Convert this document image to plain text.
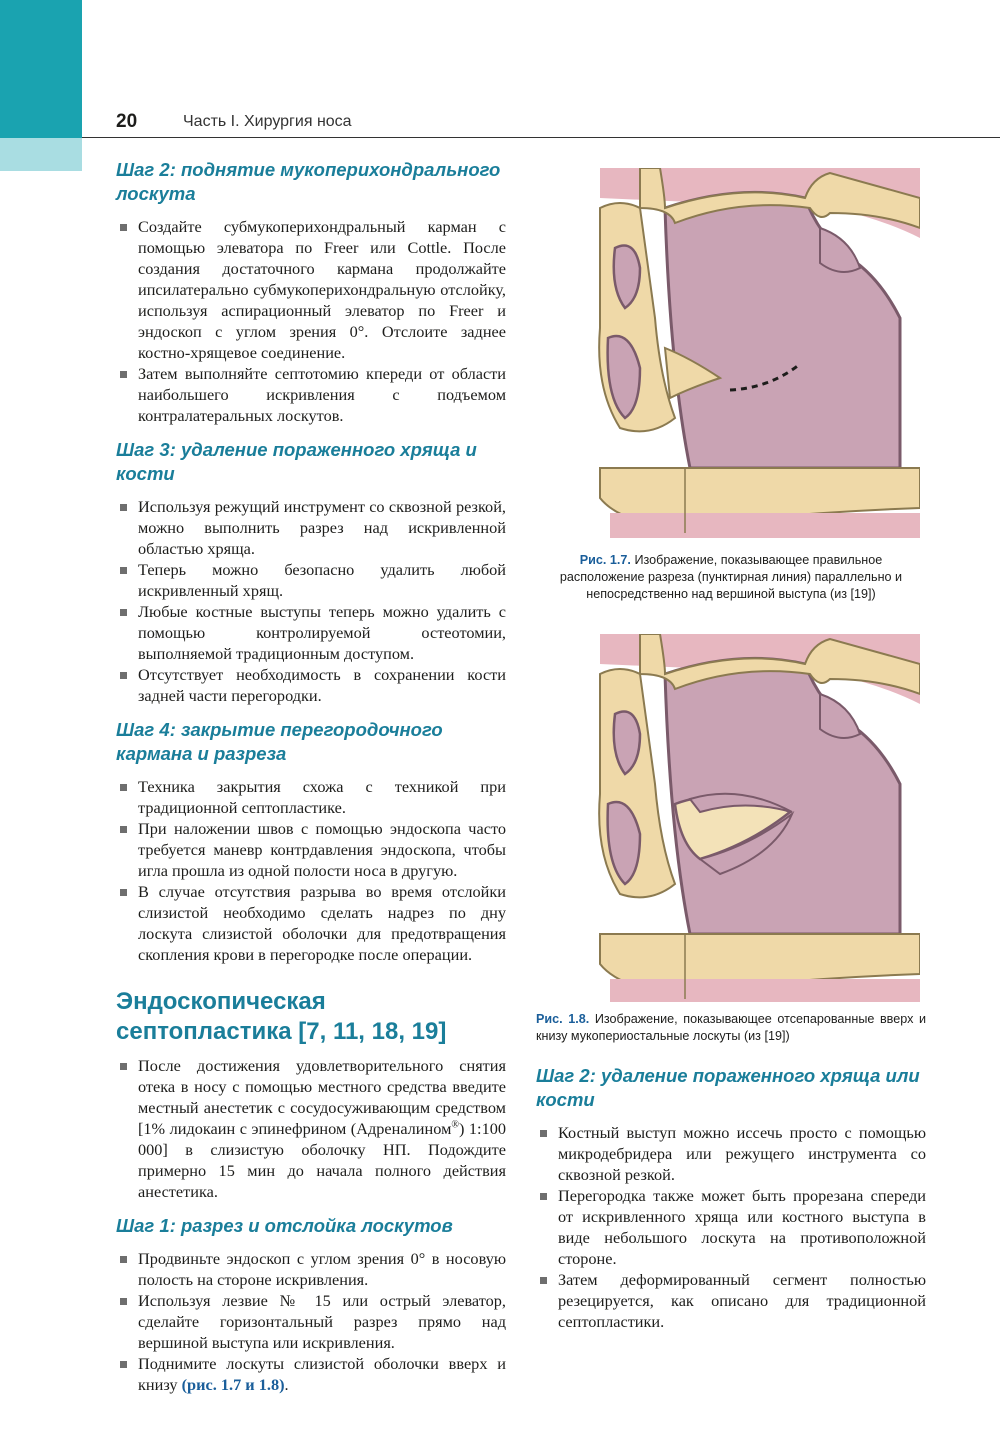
20	Часть I. Хирургия носа
Шаг 2: поднятие мукоперихондрального лоскута
Создайте субмукоперихондральный карман с помощью элеватора по Freer или Cottle. После создания достаточного кармана продолжайте ипсилатерально субмукоперихондральную отслойку, используя аспирационный элеватор по Freer и эндоскоп с углом зрения 0°. Отслоите заднее костно-хрящевое соединение.
Затем выполняйте септотомию кпереди от области наибольшего искривления с подъемом контралатеральных лоскутов.
Шаг 3: удаление пораженного хряща и кости
Используя режущий инструмент со сквозной резкой, можно выполнить разрез над искривленной областью хряща.
Теперь можно безопасно удалить любой искривленный хрящ.
Любые костные выступы теперь можно удалить с помощью контролируемой остеотомии, выполняемой традиционным доступом.
Отсутствует необходимость в сохранении кости задней части перегородки.
Шаг 4: закрытие перегородочного кармана и разреза
Техника закрытия схожа с техникой при традиционной септопластике.
При наложении швов с помощью эндоскопа часто требуется маневр контрдавления эндоскопа, чтобы игла прошла из одной полости носа в другую.
В случае отсутствия разрыва во время отслойки слизистой необходимо сделать надрез по дну лоскута слизистой оболочки для предотвращения скопления крови в перегородке после операции.
Эндоскопическая септопластика [7, 11, 18, 19]
После достижения удовлетворительного снятия отека в носу с помощью местного средства введите местный анестетик с сосудосуживающим средством [1% лидокаин с эпинефрином (Адреналином®) 1:100 000] в слизистую оболочку НП. Подождите примерно 15 мин до начала полного действия анестетика.
Шаг 1: разрез и отслойка лоскутов
Продвиньте эндоскоп с углом зрения 0° в носовую полость на стороне искривления.
Используя лезвие № 15 или острый элеватор, сделайте горизонтальный разрез прямо над вершиной выступа или искривления.
Поднимите лоскуты слизистой оболочки вверх и книзу (рис. 1.7 и 1.8).
Рис. 1.7. Изображение, показывающее правильное расположение разреза (пунктирная линия) параллельно и непосредственно над вершиной выступа (из [19])
Рис. 1.8. Изображение, показывающее отсепарованные вверх и книзу мукопериостальные лоскуты (из [19])
Шаг 2: удаление пораженного хряща или кости
Костный выступ можно иссечь просто с помощью микродебридера или режущего инструмента со сквозной резкой.
Перегородка также может быть прорезана спереди от искривленного хряща или костного выступа в виде небольшого лоскута на противоположной стороне.
Затем деформированный сегмент полностью резецируется, как описано для традиционной септопластики.
